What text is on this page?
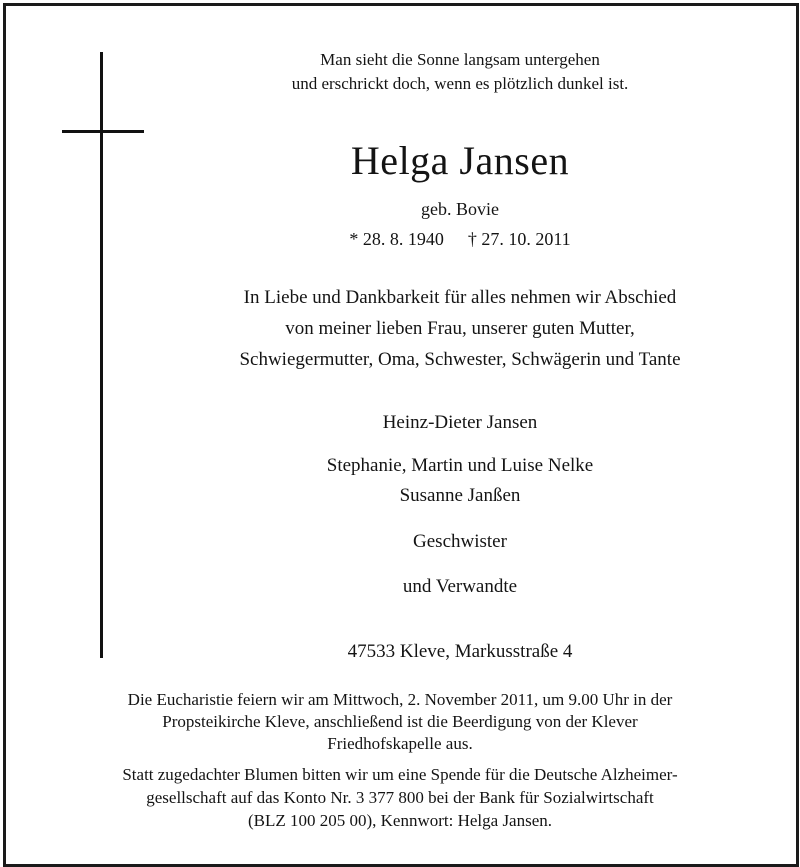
Man sieht die Sonne langsam untergehen
und erschrickt doch, wenn es plötzlich dunkel ist.
Helga Jansen
geb. Bovie
* 28. 8. 1940 † 27. 10. 2011
In Liebe und Dankbarkeit für alles nehmen wir Abschied
von meiner lieben Frau, unserer guten Mutter,
Schwiegermutter, Oma, Schwester, Schwägerin und Tante
Heinz-Dieter Jansen
Stephanie, Martin und Luise Nelke
Susanne Janßen
Geschwister
und Verwandte
47533 Kleve, Markusstraße 4
Die Eucharistie feiern wir am Mittwoch, 2. November 2011, um 9.00 Uhr in der
Propsteikirche Kleve, anschließend ist die Beerdigung von der Klever
Friedhofskapelle aus.
Statt zugedachter Blumen bitten wir um eine Spende für die Deutsche Alzheimer-
gesellschaft auf das Konto Nr. 3 377 800 bei der Bank für Sozialwirtschaft
(BLZ 100 205 00), Kennwort: Helga Jansen.
